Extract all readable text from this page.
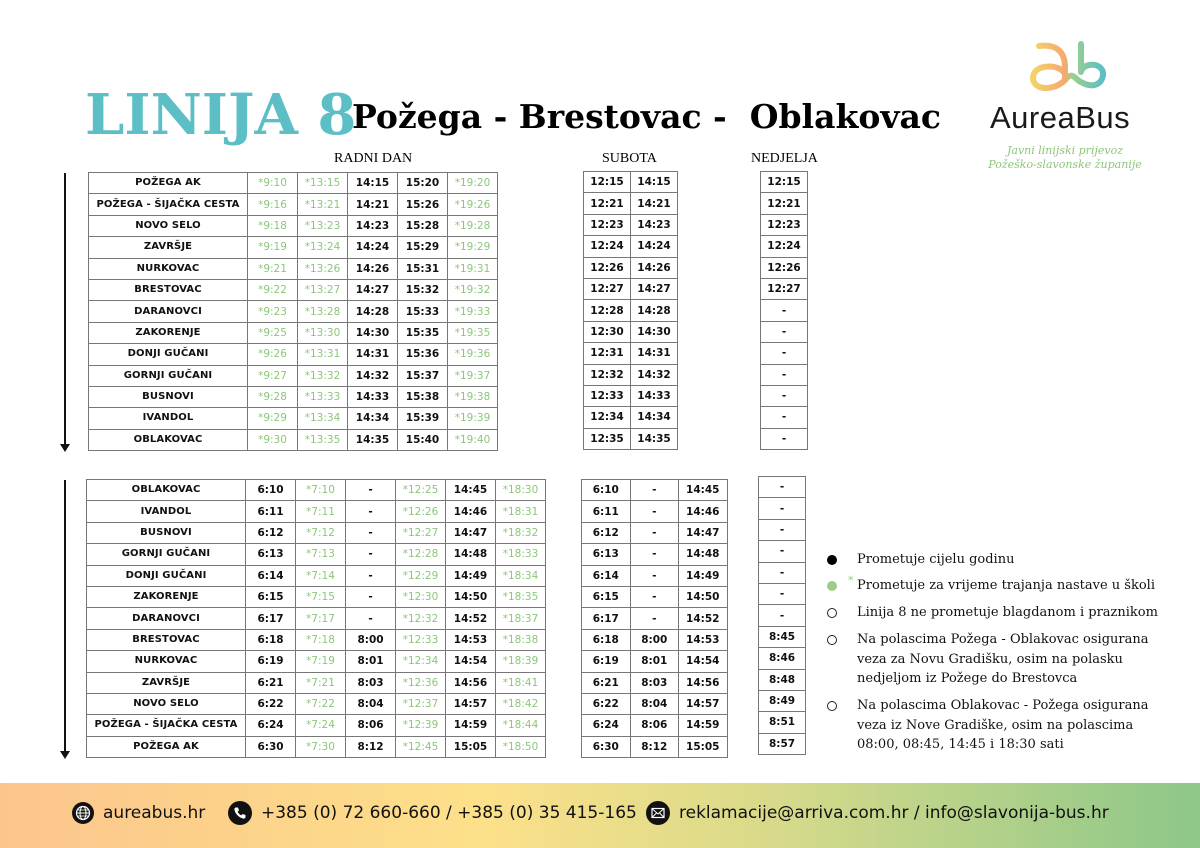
LINIJA 8
Požega - Brestovac -  Oblakovac AureaBus
Javni linijski prijevoz
Požeško-slavonske županije
RADNI DAN	SUBOTA	NEDJELJA
POŽEGA AK	*9:10	*13:15	14:15	15:20	*19:20
POŽEGA - ŠIJAČKA CESTA	*9:16	*13:21	14:21	15:26	*19:26
NOVO SELO	*9:18	*13:23	14:23	15:28	*19:28
ZAVRŠJE	*9:19	*13:24	14:24	15:29	*19:29
NURKOVAC	*9:21	*13:26	14:26	15:31	*19:31
BRESTOVAC	*9:22	*13:27	14:27	15:32	*19:32
DARANOVCI	*9:23	*13:28	14:28	15:33	*19:33
ZAKORENJE	*9:25	*13:30	14:30	15:35	*19:35
DONJI GUČANI	*9:26	*13:31	14:31	15:36	*19:36
GORNJI GUČANI	*9:27	*13:32	14:32	15:37	*19:37
BUSNOVI	*9:28	*13:33	14:33	15:38	*19:38
IVANDOL	*9:29	*13:34	14:34	15:39	*19:39
OBLAKOVAC	*9:30	*13:35	14:35	15:40	*19:40
12:15	14:15
12:21	14:21
12:23	14:23
12:24	14:24
12:26	14:26
12:27	14:27
12:28	14:28
12:30	14:30
12:31	14:31
12:32	14:32
12:33	14:33
12:34	14:34
12:35	14:35
12:15
12:21
12:23
12:24
12:26
12:27
-
-
-
-
-
-
-
OBLAKOVAC	6:10	*7:10	-	*12:25	14:45	*18:30
IVANDOL	6:11	*7:11	-	*12:26	14:46	*18:31
BUSNOVI	6:12	*7:12	-	*12:27	14:47	*18:32
GORNJI GUČANI	6:13	*7:13	-	*12:28	14:48	*18:33
DONJI GUČANI	6:14	*7:14	-	*12:29	14:49	*18:34
ZAKORENJE	6:15	*7:15	-	*12:30	14:50	*18:35
DARANOVCI	6:17	*7:17	-	*12:32	14:52	*18:37
BRESTOVAC	6:18	*7:18	8:00	*12:33	14:53	*18:38
NURKOVAC	6:19	*7:19	8:01	*12:34	14:54	*18:39
ZAVRŠJE	6:21	*7:21	8:03	*12:36	14:56	*18:41
NOVO SELO	6:22	*7:22	8:04	*12:37	14:57	*18:42
POŽEGA - ŠIJAČKA CESTA	6:24	*7:24	8:06	*12:39	14:59	*18:44
POŽEGA AK	6:30	*7:30	8:12	*12:45	15:05	*18:50
6:10	-	14:45
6:11	-	14:46
6:12	-	14:47
6:13	-	14:48
6:14	-	14:49
6:15	-	14:50
6:17	-	14:52
6:18	8:00	14:53
6:19	8:01	14:54
6:21	8:03	14:56
6:22	8:04	14:57
6:24	8:06	14:59
6:30	8:12	15:05
-
-
-
-
-
-
-
8:45
8:46
8:48
8:49
8:51
8:57
Prometuje cijelu godinu
* Prometuje za vrijeme trajanja nastave u školi
Linija 8 ne prometuje blagdanom i praznikom
Na polascima Požega - Oblakovac osigurana veza za Novu Gradišku, osim na polasku nedjeljom iz Požege do Brestovca
Na polascima Oblakovac - Požega osigurana veza iz Nove Gradiške, osim na polascima 08:00, 08:45, 14:45 i 18:30 sati
aureabus.hr	+385 (0) 72 660-660 / +385 (0) 35 415-165 reklamacije@arriva.com.hr / info@slavonija-bus.hr
